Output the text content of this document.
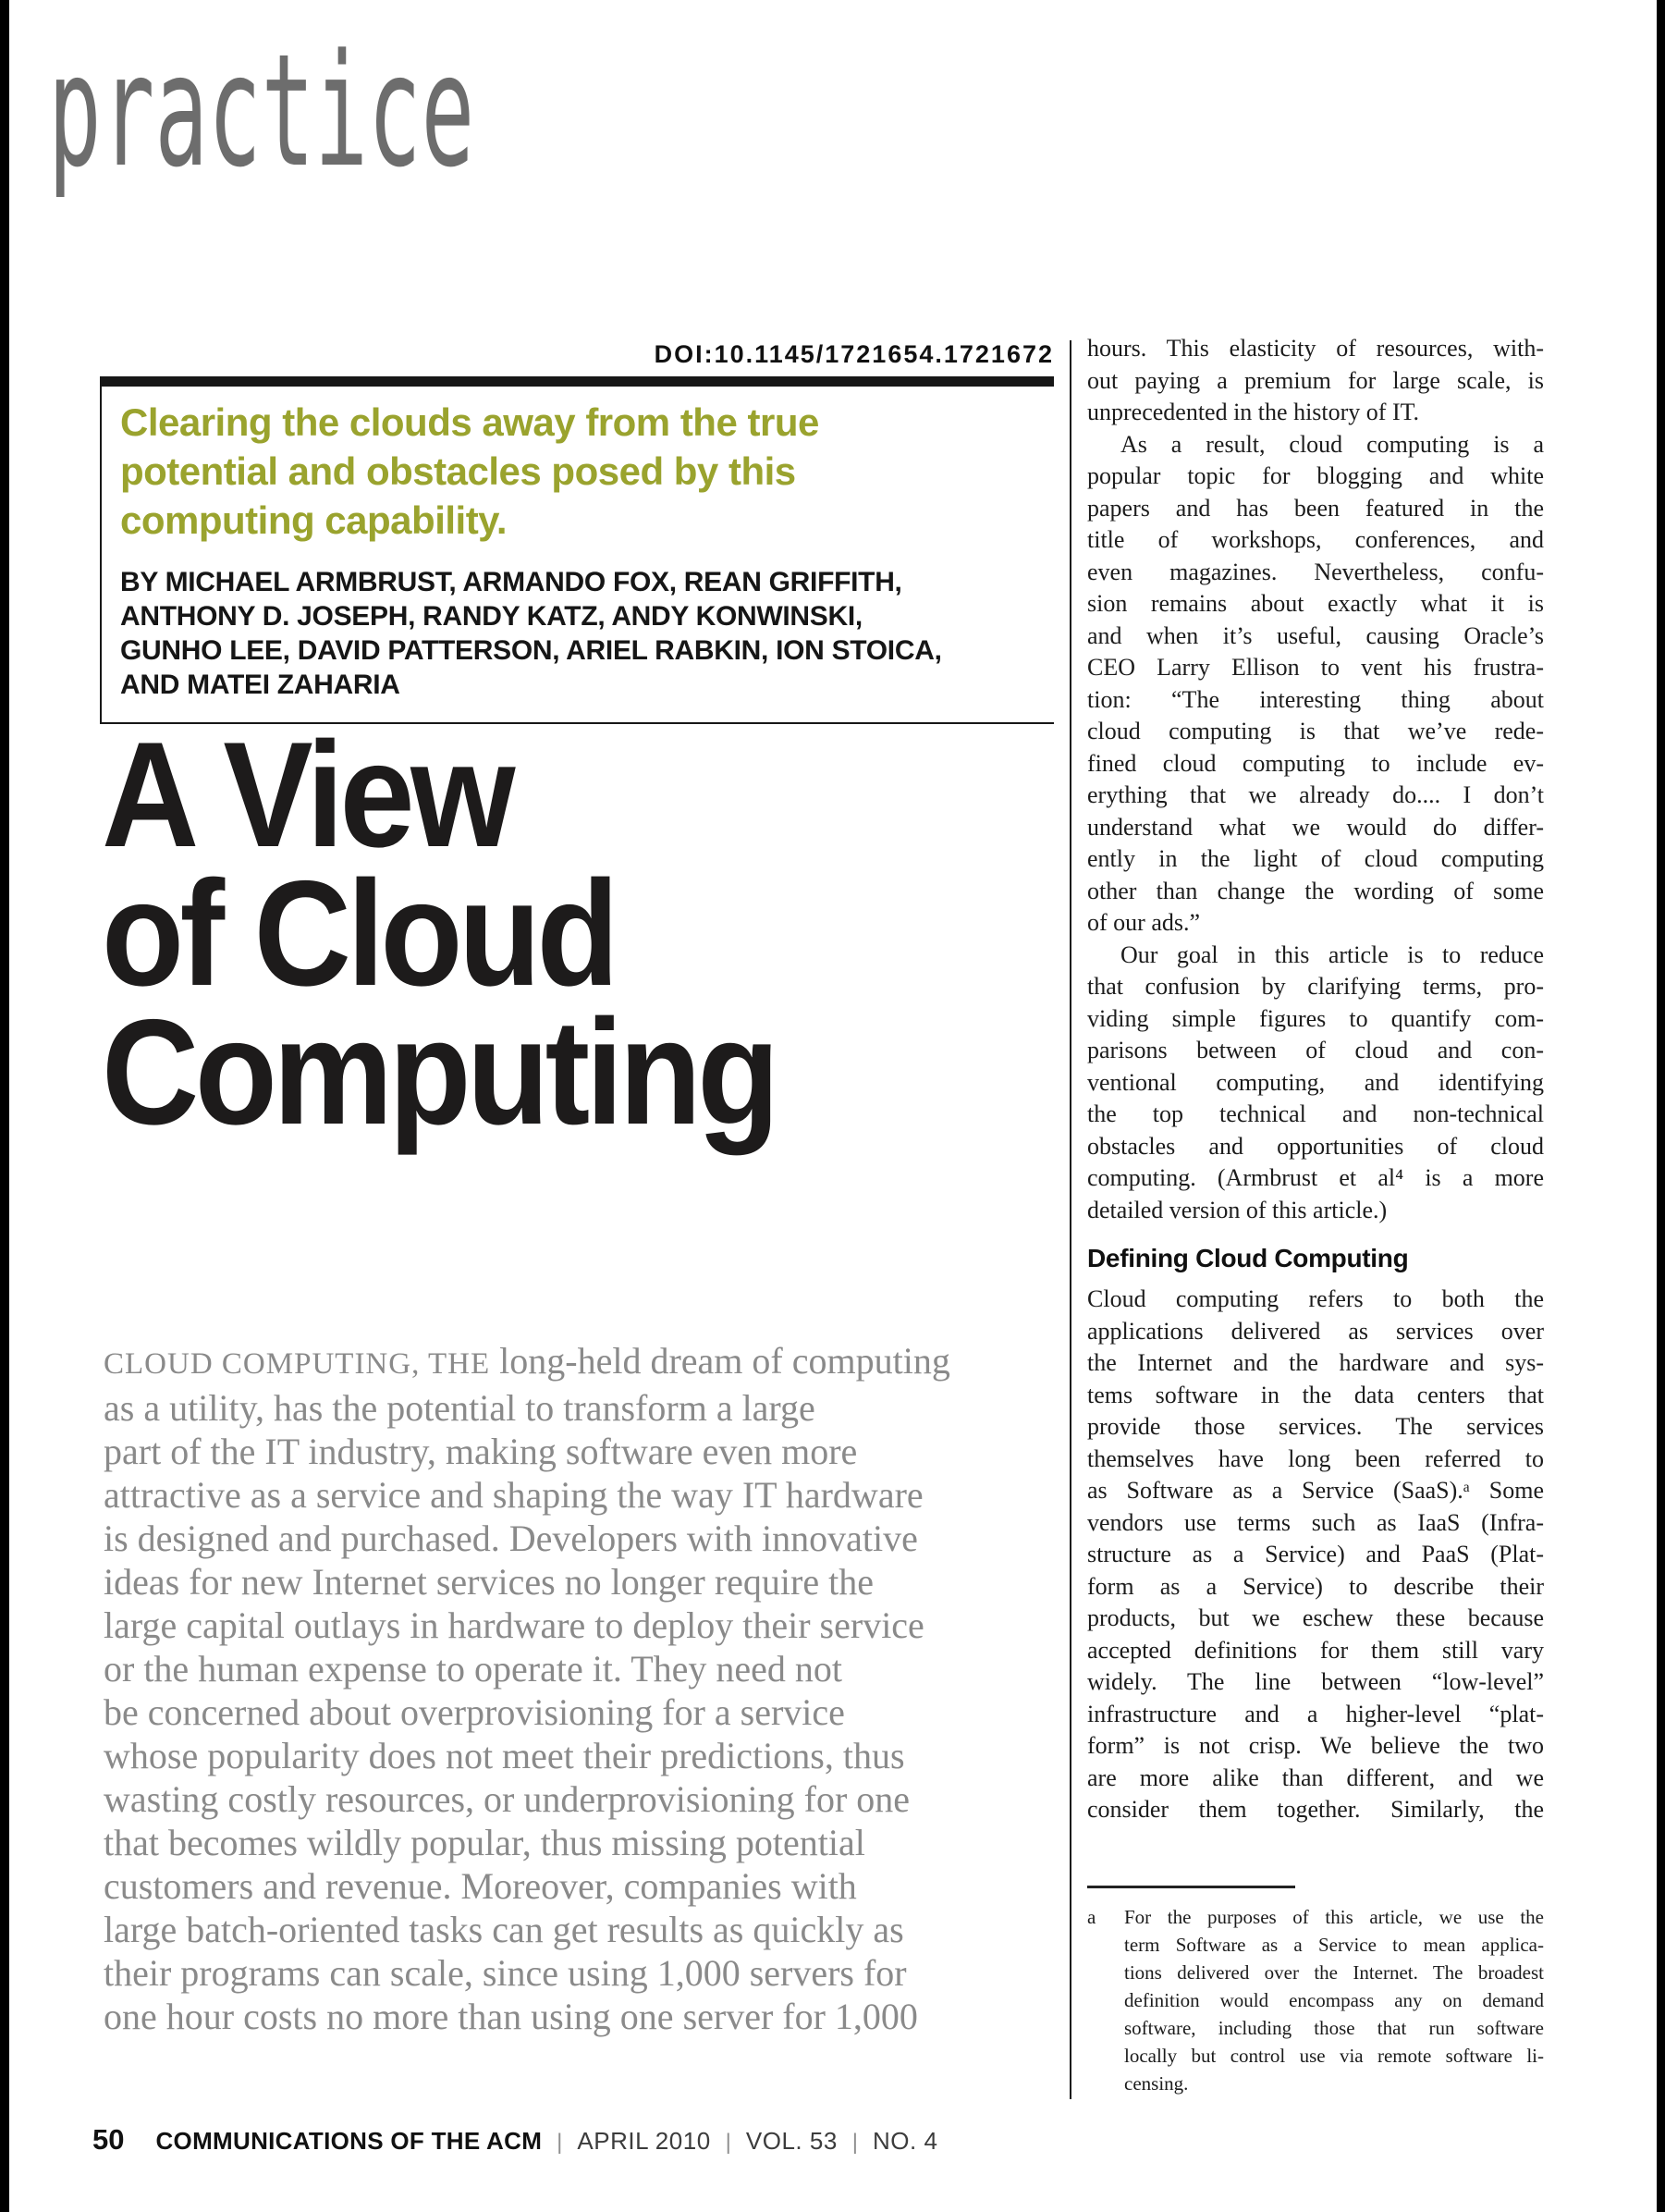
practice
DOI:10.1145/1721654.1721672
Clearing the clouds away from the true
potential and obstacles posed by this
computing capability.
BY MICHAEL ARMBRUST, ARMANDO FOX, REAN GRIFFITH,
ANTHONY D. JOSEPH, RANDY KATZ, ANDY KONWINSKI,
GUNHO LEE, DAVID PATTERSON, ARIEL RABKIN, ION STOICA,
AND MATEI ZAHARIA
A View
of Cloud
Computing
CLOUD COMPUTING, THE long-held dream of computing
as a utility, has the potential to transform a large
part of the IT industry, making software even more
attractive as a service and shaping the way IT hardware
is designed and purchased. Developers with innovative
ideas for new Internet services no longer require the
large capital outlays in hardware to deploy their service
or the human expense to operate it. They need not
be concerned about overprovisioning for a service
whose popularity does not meet their predictions, thus
wasting costly resources, or underprovisioning for one
that becomes wildly popular, thus missing potential
customers and revenue. Moreover, companies with
large batch-oriented tasks can get results as quickly as
their programs can scale, since using 1,000 servers for
one hour costs no more than using one server for 1,000
hours. This elasticity of resources, with-
out paying a premium for large scale, is
unprecedented in the history of IT.
As a result, cloud computing is a
popular topic for blogging and white
papers and has been featured in the
title of workshops, conferences, and
even magazines. Nevertheless, confu-
sion remains about exactly what it is
and when it’s useful, causing Oracle’s
CEO Larry Ellison to vent his frustra-
tion: “The interesting thing about
cloud computing is that we’ve rede-
fined cloud computing to include ev-
erything that we already do.... I don’t
understand what we would do differ-
ently in the light of cloud computing
other than change the wording of some
of our ads.”
Our goal in this article is to reduce
that confusion by clarifying terms, pro-
viding simple figures to quantify com-
parisons between of cloud and con-
ventional computing, and identifying
the top technical and non-technical
obstacles and opportunities of cloud
computing. (Armbrust et al⁴ is a more
detailed version of this article.)
Defining Cloud Computing
Cloud computing refers to both the
applications delivered as services over
the Internet and the hardware and sys-
tems software in the data centers that
provide those services. The services
themselves have long been referred to
as Software as a Service (SaaS).ᵃ Some
vendors use terms such as IaaS (Infra-
structure as a Service) and PaaS (Plat-
form as a Service) to describe their
products, but we eschew these because
accepted definitions for them still vary
widely. The line between “low-level”
infrastructure and a higher-level “plat-
form” is not crisp. We believe the two
are more alike than different, and we
consider them together. Similarly, the
a For the purposes of this article, we use the
term Software as a Service to mean applica-
tions delivered over the Internet. The broadest
definition would encompass any on demand
software, including those that run software
locally but control use via remote software li-
censing.
50 COMMUNICATIONS OF THE ACM | APRIL 2010 | VOL. 53 | NO. 4
